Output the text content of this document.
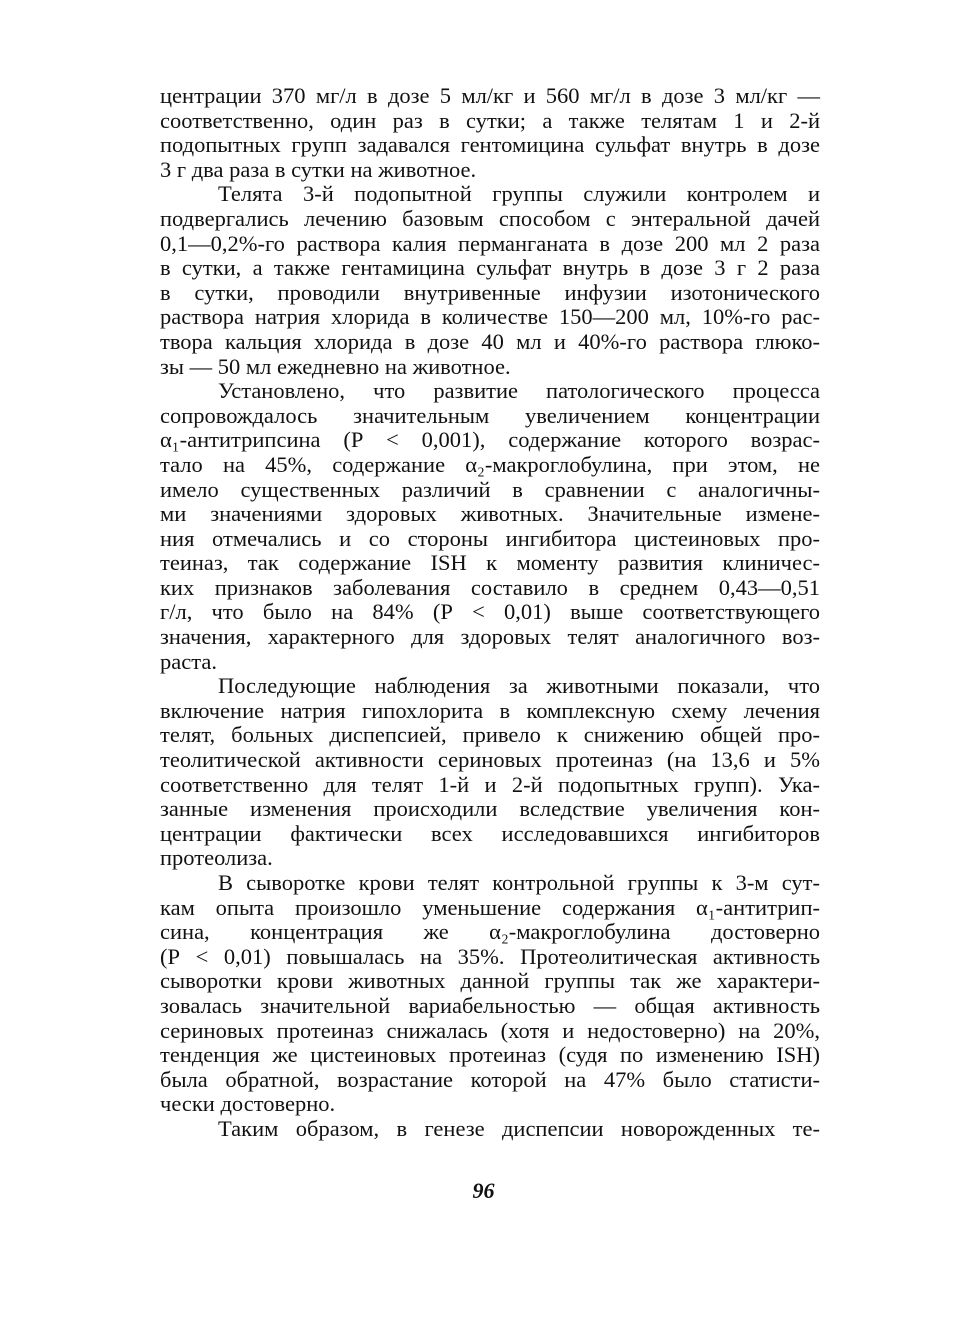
центрации 370 мг/л в дозе 5 мл/кг и 560 мг/л в дозе 3 мл/кг —
соответственно, один раз в сутки; а также телятам 1 и 2-й
подопытных групп задавался гентомицина сульфат внутрь в дозе
3 г два раза в сутки на животное.
Телята 3-й подопытной группы служили контролем и
подвергались лечению базовым способом с энтеральной дачей
0,1—0,2%-го раствора калия перманганата в дозе 200 мл 2 раза
в сутки, а также гентамицина сульфат внутрь в дозе 3 г 2 раза
в сутки, проводили внутривенные инфузии изотонического
раствора натрия хлорида в количестве 150—200 мл, 10%-го рас-
твора кальция хлорида в дозе 40 мл и 40%-го раствора глюко-
зы — 50 мл ежедневно на животное.
Установлено, что развитие патологического процесса
сопровождалось значительным увеличением концентрации
α₁-антитрипсина (Р < 0,001), содержание которого возрас-
тало на 45%, содержание α₂-макроглобулина, при этом, не
имело существенных различий в сравнении с аналогичны-
ми значениями здоровых животных. Значительные измене-
ния отмечались и со стороны ингибитора цистеиновых про-
теиназ, так содержание ISH к моменту развития клиничес-
ких признаков заболевания составило в среднем 0,43—0,51
г/л, что было на 84% (Р < 0,01) выше соответствующего
значения, характерного для здоровых телят аналогичного воз-
раста.
Последующие наблюдения за животными показали, что
включение натрия гипохлорита в комплексную схему лечения
телят, больных диспепсией, привело к снижению общей про-
теолитической активности сериновых протеиназ (на 13,6 и 5%
соответственно для телят 1-й и 2-й подопытных групп). Ука-
занные изменения происходили вследствие увеличения кон-
центрации фактически всех исследовавшихся ингибиторов
протеолиза.
В сыворотке крови телят контрольной группы к 3-м сут-
кам опыта произошло уменьшение содержания α₁-антитрип-
сина, концентрация же α₂-макроглобулина достоверно
(Р < 0,01) повышалась на 35%. Протеолитическая активность
сыворотки крови животных данной группы так же характери-
зовалась значительной вариабельностью — общая активность
сериновых протеиназ снижалась (хотя и недостоверно) на 20%,
тенденция же цистеиновых протеиназ (судя по изменению ISH)
была обратной, возрастание которой на 47% было статисти-
чески достоверно.
Таким образом, в генезе диспепсии новорожденных те-
96
